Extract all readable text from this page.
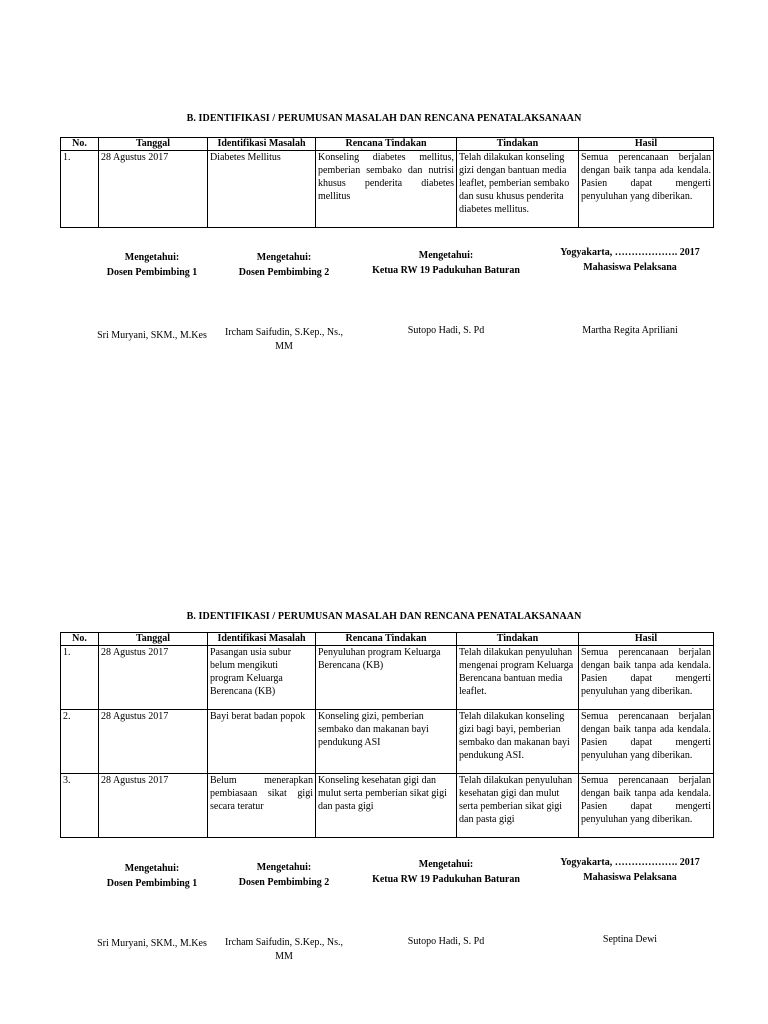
B. IDENTIFIKASI / PERUMUSAN MASALAH DAN RENCANA PENATALAKSANAAN
No.	Tanggal	Identifikasi Masalah	Rencana Tindakan	Tindakan	Hasil
1.	28 Agustus 2017	Diabetes Mellitus	Konseling diabetes mellitus, pemberian sembako dan nutrisi khusus penderita diabetes mellitus	Telah dilakukan konseling gizi dengan bantuan media leaflet, pemberian sembako dan susu khusus penderita diabetes mellitus.	Semua perencanaan berjalan dengan baik tanpa ada kendala. Pasien dapat mengerti penyuluhan yang diberikan.
Mengetahui:
Dosen Pembimbing 1
Mengetahui:
Dosen Pembimbing 2
Mengetahui:
Ketua RW 19 Padukuhan Baturan
Yogyakarta, ………………. 2017
Mahasiswa Pelaksana
Sri Muryani, SKM., M.Kes	Ircham Saifudin, S.Kep., Ns., MM
Sutopo Hadi, S. Pd	Martha Regita Apriliani
B. IDENTIFIKASI / PERUMUSAN MASALAH DAN RENCANA PENATALAKSANAAN
No.	Tanggal	Identifikasi Masalah	Rencana Tindakan	Tindakan	Hasil
1.	28 Agustus 2017	Pasangan usia subur belum mengikuti program Keluarga Berencana (KB)	Penyuluhan program Keluarga Berencana (KB)	Telah dilakukan penyuluhan mengenai program Keluarga Berencana bantuan media leaflet.	Semua perencanaan berjalan dengan baik tanpa ada kendala. Pasien dapat mengerti penyuluhan yang diberikan.
2.	28 Agustus 2017	Bayi berat badan popok	Konseling gizi, pemberian sembako dan makanan bayi pendukung ASI	Telah dilakukan konseling gizi bagi bayi, pemberian sembako dan makanan bayi pendukung ASI.	Semua perencanaan berjalan dengan baik tanpa ada kendala. Pasien dapat mengerti penyuluhan yang diberikan.
3.	28 Agustus 2017	Belum menerapkan pembiasaan sikat gigi secara teratur	Konseling kesehatan gigi dan mulut serta pemberian sikat gigi dan pasta gigi	Telah dilakukan penyuluhan kesehatan gigi dan mulut serta pemberian sikat gigi dan pasta gigi	Semua perencanaan berjalan dengan baik tanpa ada kendala. Pasien dapat mengerti penyuluhan yang diberikan.
Mengetahui:
Dosen Pembimbing 1
Mengetahui:
Dosen Pembimbing 2
Mengetahui:
Ketua RW 19 Padukuhan Baturan
Yogyakarta, ………………. 2017
Mahasiswa Pelaksana
Sri Muryani, SKM., M.Kes	Ircham Saifudin, S.Kep., Ns., MM
Sutopo Hadi, S. Pd	Septina Dewi
